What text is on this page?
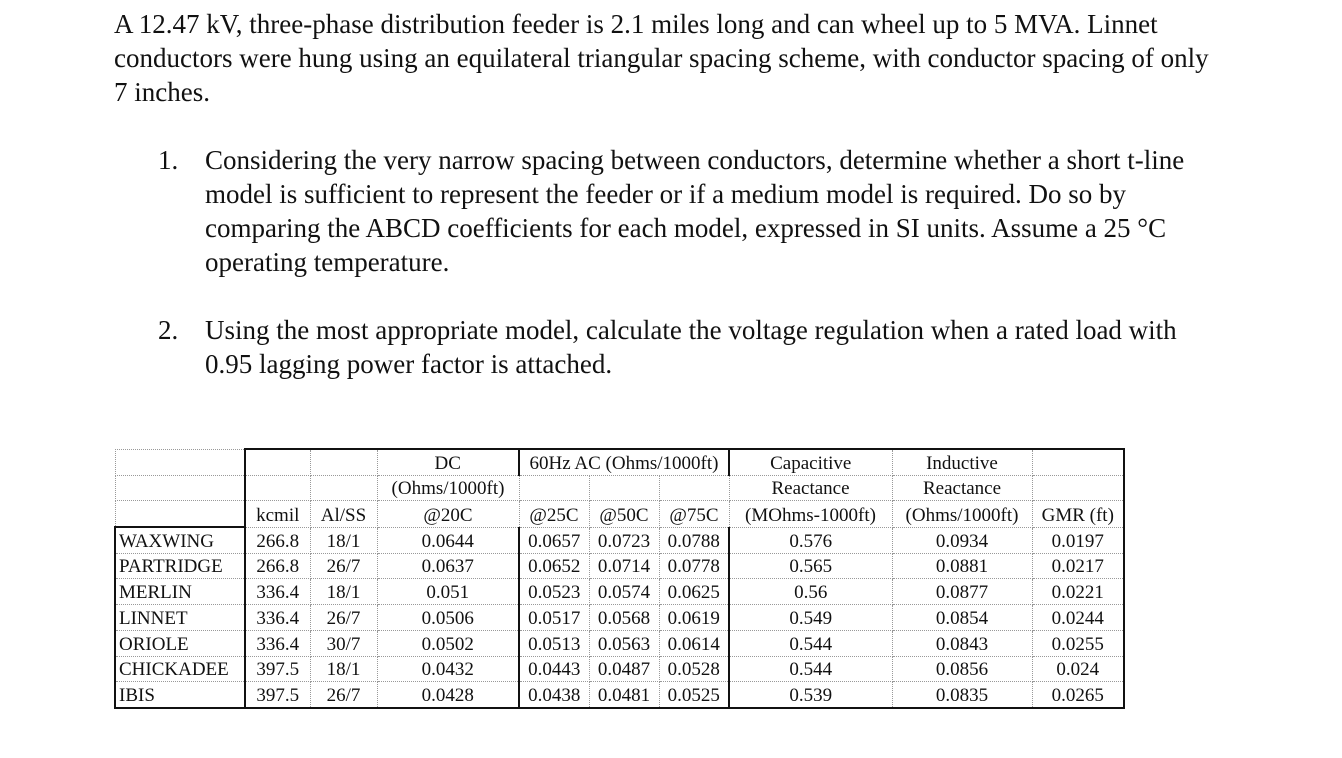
A 12.47 kV, three-phase distribution feeder is 2.1 miles long and can wheel up to 5 MVA. Linnet conductors were hung using an equilateral triangular spacing scheme, with conductor spacing of only 7 inches.

1. Considering the very narrow spacing between conductors, determine whether a short t-line model is sufficient to represent the feeder or if a medium model is required. Do so by comparing the ABCD coefficients for each model, expressed in SI units. Assume a 25 °C operating temperature.

2. Using the most appropriate model, calculate the voltage regulation when a rated load with 0.95 lagging power factor is attached.

			DC	60Hz AC (Ohms/1000ft)			Capacitive	Inductive	
			(Ohms/1000ft)				Reactance	Reactance	
	kcmil	Al/SS	@20C	@25C	@50C	@75C	(MOhms-1000ft)	(Ohms/1000ft)	GMR (ft)
WAXWING	266.8	18/1	0.0644	0.0657	0.0723	0.0788	0.576	0.0934	0.0197
PARTRIDGE	266.8	26/7	0.0637	0.0652	0.0714	0.0778	0.565	0.0881	0.0217
MERLIN	336.4	18/1	0.051	0.0523	0.0574	0.0625	0.56	0.0877	0.0221
LINNET	336.4	26/7	0.0506	0.0517	0.0568	0.0619	0.549	0.0854	0.0244
ORIOLE	336.4	30/7	0.0502	0.0513	0.0563	0.0614	0.544	0.0843	0.0255
CHICKADEE	397.5	18/1	0.0432	0.0443	0.0487	0.0528	0.544	0.0856	0.024
IBIS	397.5	26/7	0.0428	0.0438	0.0481	0.0525	0.539	0.0835	0.0265
